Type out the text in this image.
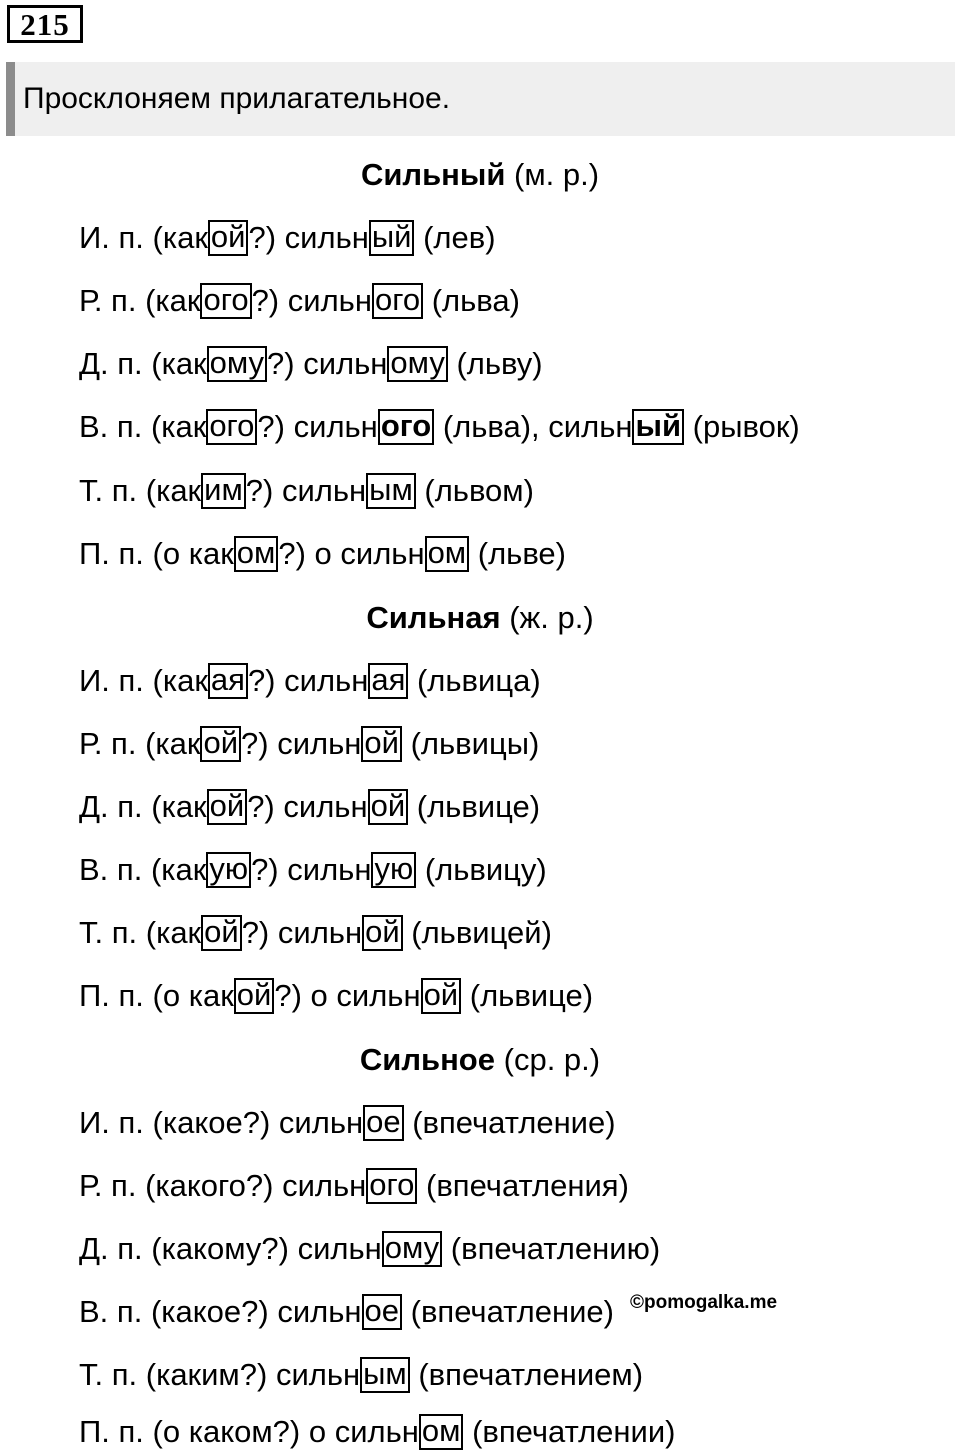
215
Просклоняем прилагательное.
Сильный (м. р.)
И. п. (какой?) сильный (лев)
Р. п. (какого?) сильного (льва)
Д. п. (какому?) сильному (льву)
В. п. (какого?) сильного (льва), сильный (рывок)
Т. п. (каким?) сильным (львом)
П. п. (о каком?) о сильном (льве)
Сильная (ж. р.)
И. п. (какая?) сильная (львица)
Р. п. (какой?) сильной (львицы)
Д. п. (какой?) сильной (львице)
В. п. (какую?) сильную (львицу)
Т. п. (какой?) сильной (львицей)
П. п. (о какой?) о сильной (львице)
Сильное (ср. р.)
И. п. (какое?) сильное (впечатление)
Р. п. (какого?) сильного (впечатления)
Д. п. (какому?) сильному (впечатлению)
В. п. (какое?) сильное (впечатление) ©pomogalka.me
Т. п. (каким?) сильным (впечатлением)
П. п. (о каком?) о сильном (впечатлении)
